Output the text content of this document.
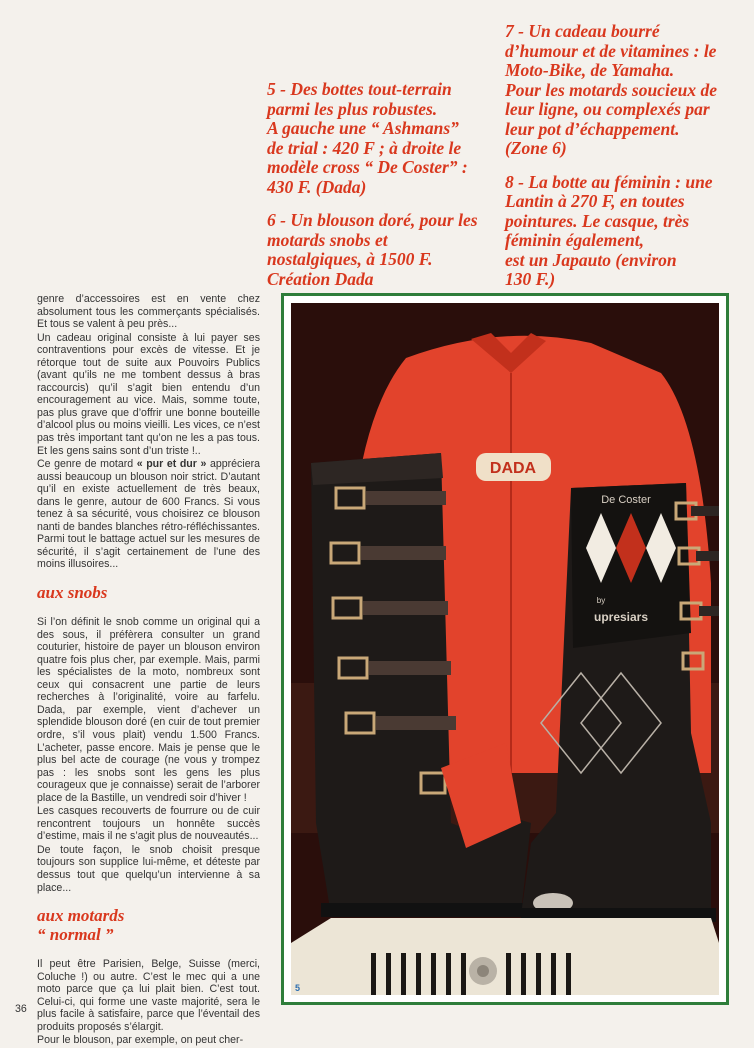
5 - Des bottes tout-terrain
parmi les plus robustes.
A gauche une “ Ashmans”
de trial : 420 F ; à droite le
modèle cross “ De Coster” :
430 F. (Dada)
6 - Un blouson doré, pour les
motards snobs et
nostalgiques, à 1500 F.
Création Dada
7 - Un cadeau bourré
d’humour et de vitamines : le
Moto-Bike, de Yamaha.
Pour les motards soucieux de
leur ligne, ou complexés par
leur pot d’échappement.
(Zone 6)
8 - La botte au féminin : une
Lantin à 270 F, en toutes
pointures. Le casque, très
féminin également,
est un Japauto (environ
130 F.)

genre d’accessoires est en vente chez absolument tous les commerçants spécialisés. Et tous se valent à peu près...

Un cadeau original consiste à lui payer ses contraventions pour excès de vitesse. Et je rétorque tout de suite aux Pouvoirs Publics (avant qu’ils ne me tombent dessus à bras raccourcis) qu’il s’agit bien entendu d’un encouragement au vice. Mais, somme toute, pas plus grave que d’offrir une bonne bouteille d’alcool plus ou moins vieilli. Les vices, ce n’est pas très important tant qu’on ne les a pas tous. Et les gens sains sont d’un triste !..

Ce genre de motard « pur et dur » appréciera aussi beaucoup un blouson noir strict. D’autant qu’il en existe actuellement de très beaux, dans le genre, autour de 600 Francs. Si vous tenez à sa sécurité, vous choisirez ce blouson nanti de bandes blanches rétro-réfléchissantes. Parmi tout le battage actuel sur les mesures de sécurité, il s’agit certainement de l’une des moins illusoires...

aux snobs

Si l’on définit le snob comme un original qui a des sous, il préfèrera consulter un grand couturier, histoire de payer un blouson environ quatre fois plus cher, par exemple. Mais, parmi les spécialistes de la moto, nombreux sont ceux qui consacrent une partie de leurs recherches à l’originalité, voire au farfelu. Dada, par exemple, vient d’achever un splendide blouson doré (en cuir de tout premier ordre, s’il vous plait) vendu 1.500 Francs. L’acheter, passe encore. Mais je pense que le plus bel acte de courage (ne vous y trompez pas : les snobs sont les gens les plus courageux que je connaisse) serait de l’arborer place de la Bastille, un vendredi soir d’hiver !

Les casques recouverts de fourrure ou de cuir rencontrent toujours un honnête succès d’estime, mais il ne s’agit plus de nouveautés...

De toute façon, le snob choisit presque toujours son supplice lui-même, et déteste par dessus tout que quelqu’un intervienne à sa place...

aux motards
“ normal ”

Il peut être Parisien, Belge, Suisse (merci, Coluche !) ou autre. C’est le mec qui a une moto parce que ça lui plait bien. C’est tout. Celui-ci, qui forme une vaste majorité, sera le plus facile à satisfaire, parce que l’éventail des produits proposés s’élargit.

Pour le blouson, par exemple, on peut cher-

36
DADA
De Coster
by
upresiars
5
